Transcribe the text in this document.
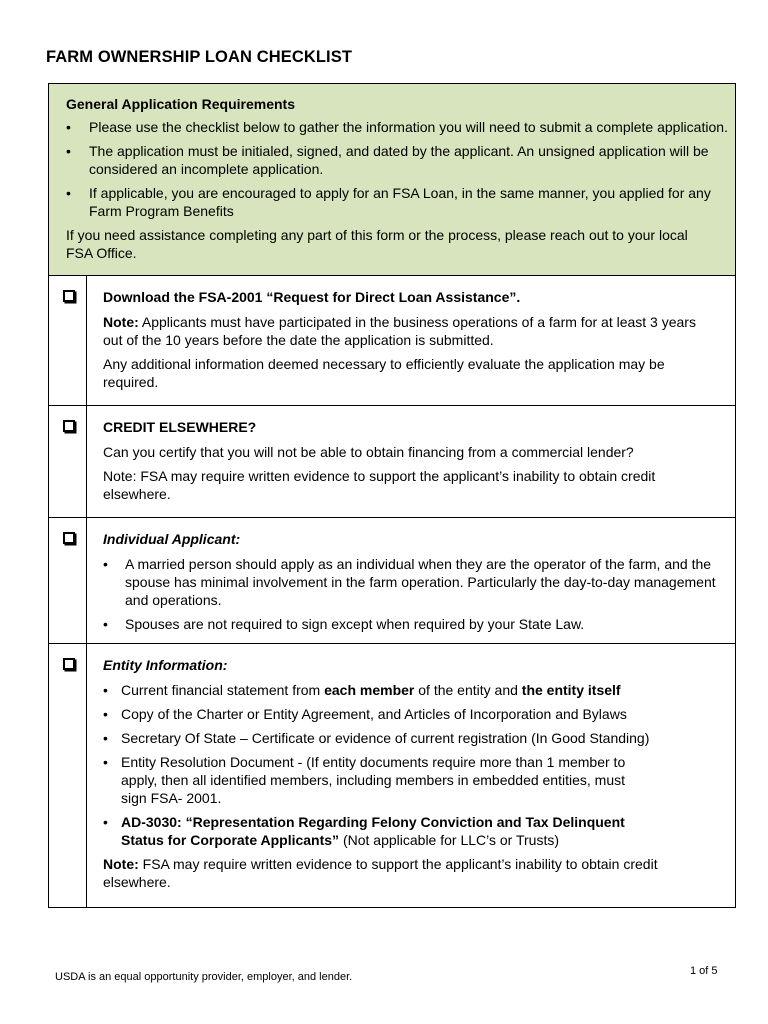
FARM OWNERSHIP LOAN CHECKLIST
General Application Requirements
• Please use the checklist below to gather the information you will need to submit a complete application.
• The application must be initialed, signed, and dated by the applicant. An unsigned application will be considered an incomplete application.
• If applicable, you are encouraged to apply for an FSA Loan, in the same manner, you applied for any Farm Program Benefits
If you need assistance completing any part of this form or the process, please reach out to your local FSA Office.

Download the FSA-2001 “Request for Direct Loan Assistance”.

Note: Applicants must have participated in the business operations of a farm for at least 3 years out of the 10 years before the date the application is submitted.

Any additional information deemed necessary to efficiently evaluate the application may be required.

CREDIT ELSEWHERE?

Can you certify that you will not be able to obtain financing from a commercial lender?

Note: FSA may require written evidence to support the applicant’s inability to obtain credit elsewhere.

Individual Applicant:

• A married person should apply as an individual when they are the operator of the farm, and the spouse has minimal involvement in the farm operation. Particularly the day-to-day management and operations.
• Spouses are not required to sign except when required by your State Law.

Entity Information:

• Current financial statement from each member of the entity and the entity itself
• Copy of the Charter or Entity Agreement, and Articles of Incorporation and Bylaws
• Secretary Of State – Certificate or evidence of current registration (In Good Standing)
• Entity Resolution Document - (If entity documents require more than 1 member to apply, then all identified members, including members in embedded entities, must sign FSA- 2001.
• AD-3030: “Representation Regarding Felony Conviction and Tax Delinquent Status for Corporate Applicants” (Not applicable for LLC’s or Trusts)

Note: FSA may require written evidence to support the applicant’s inability to obtain credit elsewhere.

USDA is an equal opportunity provider, employer, and lender.	1 of 5
